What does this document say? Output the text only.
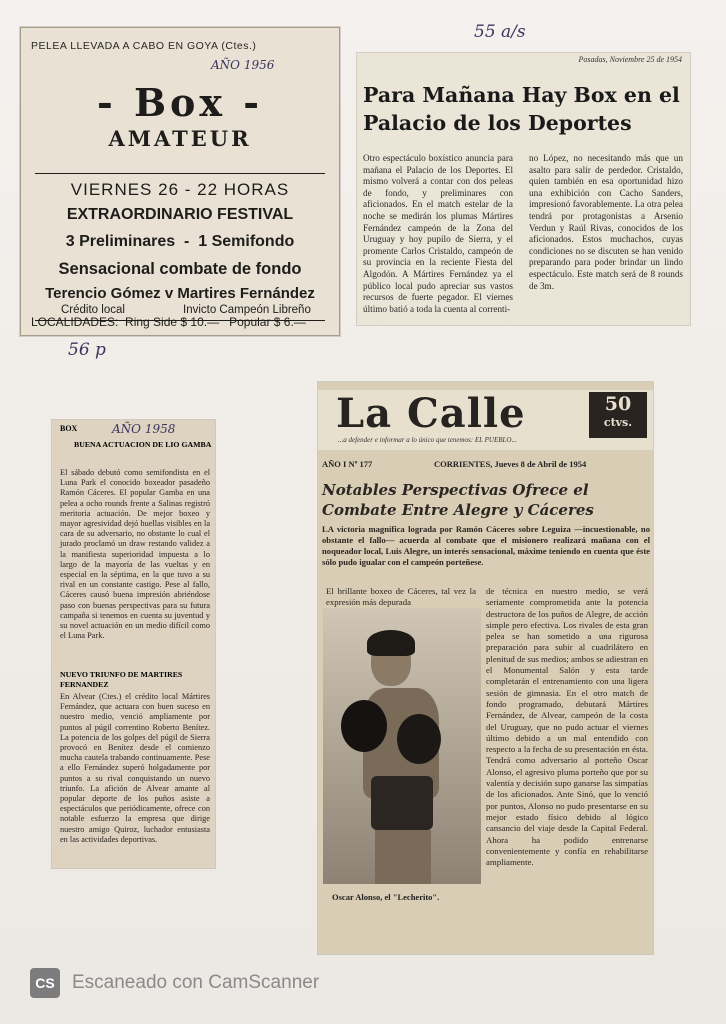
55 a/s
56 p
PELEA LLEVADA A CABO EN GOYA (Ctes.)
AÑO 1956
- Box -
AMATEUR
VIERNES 26 - 22 HORAS
EXTRAORDINARIO FESTIVAL
3 Preliminares  -  1 Semifondo
Sensacional combate de fondo
Terencio Gómez v Martires Fernández
Crédito local	Invicto Campeón Libreño
LOCALIDADES:  Ring Side $ 10.—   Popular $ 6.—
Posadas, Noviembre 25 de 1954
Para Mañana Hay Box en el Palacio de los Deportes
Otro espectáculo boxístico anuncia para mañana el Palacio de los Deportes. El mismo volverá a contar con dos peleas de fondo, y preliminares con aficionados. En el match estelar de la noche se medirán los plumas Mártires Fernández campeón de la Zona del Uruguay y hoy pupilo de Sierra, y el promente Carlos Cristaldo, campeón de su provincia en la reciente Fiesta del Algodón. A Mártires Fernández ya el público local pudo apreciar sus vastos recursos de fuerte pegador. El viernes último batió a toda la cuenta al correnti-
no López, no necesitando más que un asalto para salir de perdedor. Cristaldo, quien también en esa oportunidad hizo una exhibición con Cacho Sanders, impresionó favorablemente. La otra pelea tendrá por protagonistas a Arsenio Verdun y Raúl Rivas, conocidos de los aficionados. Estos muchachos, cuyas condiciones no se discuten se han venido preparando para poder brindar un lindo espectáculo. Este match será de 8 rounds de 3m.
BOX	AÑO 1958
BUENA ACTUACION DE LIO GAMBA
El sábado debutó como semifondista en el Luna Park el conocido boxeador pasadeño Ramón Cáceres. El popular Gamba en una pelea a ocho rounds frente a Salinas registró meritoria actuación. De mejor boxeo y mayor agresividad dejó huellas visibles en la cara de su adversario, no obstante lo cual el jurado proclamó un draw restando validez a la manifiesta superioridad impuesta a lo largo de la mayoría de las vueltas y en especial en la séptima, en la que tuvo a su rival en un constante castigo. Pese al fallo, Cáceres causó buena impresión abriéndose paso con buenas perspectivas para su futura campaña si tenemos en cuenta su juventud y su novel actuación en un medio difícil como el Luna Park.
NUEVO TRIUNFO DE MARTIRES FERNANDEZ
En Alvear (Ctes.) el crédito local Mártires Fernández, que actuara con buen suceso en nuestro medio, venció ampliamente por puntos al púgil correntino Roberto Benítez. La potencia de los golpes del púgil de Sierra provocó en Benítez desde el comienzo mucha cautela trabando continuamente. Pese a ello Fernández superó holgadamente por puntos a su rival conquistando un nuevo triunfo. La afición de Alvear amante al popular deporte de los puños asiste a espectáculos que periódicamente, ofrece con notable esfuerzo la empresa que dirige nuestro amigo Quiroz, luchador entusiasta en las actividades deportivas.
La Calle	50
ctvs.
...a defender e informar a lo único que tenemos: EL PUEBLO...
AÑO I Nº 177	CORRIENTES, Jueves 8 de Abril de 1954
Notables Perspectivas Ofrece el Combate Entre Alegre y Cáceres
LA victoria magnífica lograda por Ramón Cáceres sobre Leguiza —incuestionable, no obstante el fallo— acuerda al combate que el misionero realizará mañana con el noqueador local, Luis Alegre, un interés sensacional, máxime teniendo en cuenta que éste sólo pudo igualar con el campeón porteñese.
El brillante boxeo de Cáceres, tal vez la expresión más depurada
de técnica en nuestro medio, se verá seriamente comprometida ante la potencia destructora de los puños de Alegre, de acción simple pero efectiva. Los rivales de esta gran pelea se han sometido a una rigurosa preparación para subir al cuadrilátero en plenitud de sus medios; ambos se adiestran en el Monumental Salón y esta tarde completarán el entrenamiento con una ligera sesión de gimnasia. En el otro match de fondo programado, debutará Mártires Fernández, de Alvear, campeón de la costa del Uruguay, que no pudo actuar el viernes último debido a un mal entendido con respecto a la fecha de su presentación en ésta. Tendrá como adversario al porteño Oscar Alonso, el agresivo pluma porteño que por su valentía y decisión supo ganarse las simpatías de los aficionados. Ante Sinó, que lo venció por puntos, Alonso no pudo presentarse en su mejor estado físico debido al lógico cansancio del viaje desde la Capital Federal. Ahora ha podido entrenarse convenientemente y confía en rehabilitarse ampliamente.
Oscar Alonso, el "Lecherito".
CS Escaneado con CamScanner
